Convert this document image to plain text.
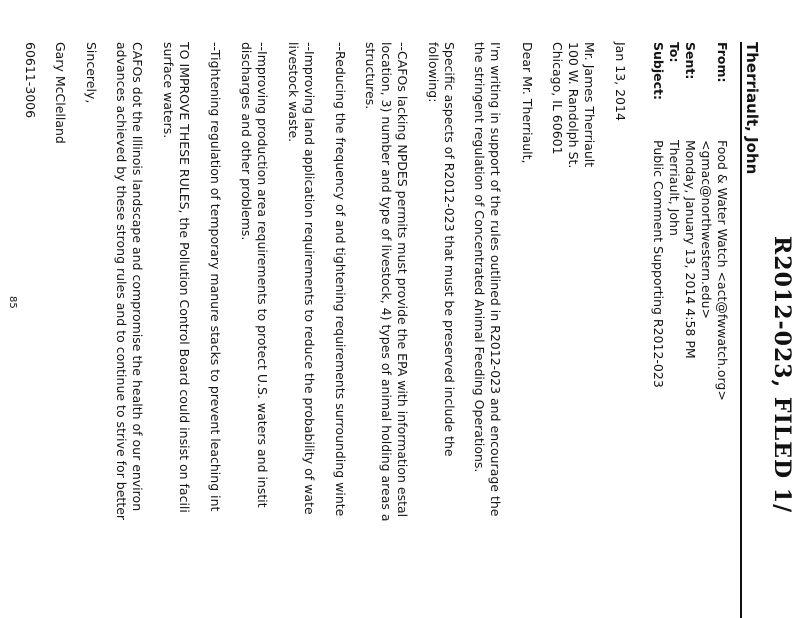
R2012-023, FILED 1/
Therriault, John
From:
Food & Water Watch <act@fwwatch.org>
<gmac@northwestern.edu>
Sent:
Monday, January 13, 2014 4:58 PM
To:
Therriault, John
Subject:
Public Comment Supporting R2012-023
Jan 13, 2014
Mr. James Therriault
100 W. Randolph St.
Chicago, IL 60601
Dear Mr. Therriault,
I'm writing in support of the rules outlined in R2012-023 and encourage the
the stringent regulation of Concentrated Animal Feeding Operations.
Specific aspects of R2012-023 that must be preserved include the
following:
--CAFOs lacking NPDES permits must provide the EPA with information estal
location, 3) number and type of livestock, 4) types of animal holding areas a
structures.
--Reducing the frequency of and tightening requirements surrounding winte
--Improving land application requirements to reduce the probability of wate
livestock waste.
--Improving production area requirements to protect U.S. waters and instit
discharges and other problems.
--Tightening regulation of temporary manure stacks to prevent leaching int
TO IMPROVE THESE RULES, the Pollution Control Board could insist on facili
surface waters.
CAFOs dot the Illinois landscape and compromise the health of our environ
advances achieved by these strong rules and to continue to strive for better
Sincerely,
Gary McClelland
60611-3006
85
